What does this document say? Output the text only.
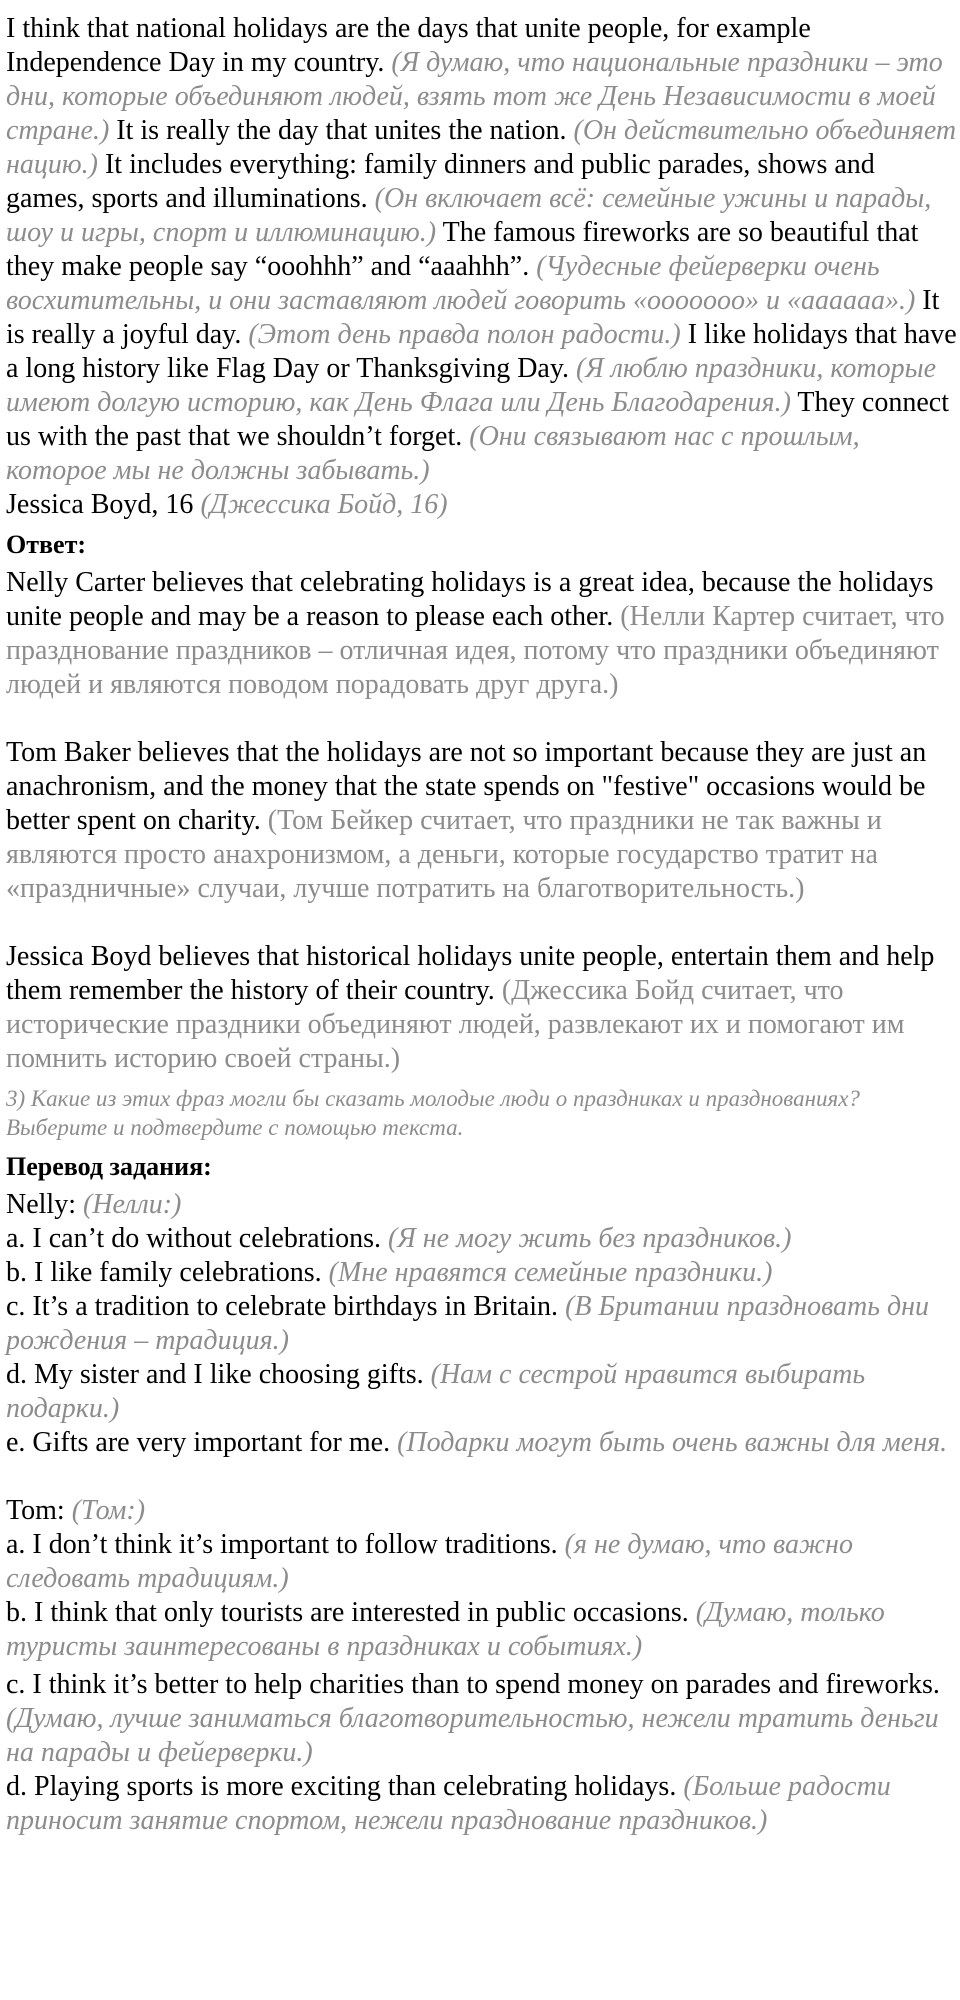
I think that national holidays are the days that unite people, for example Independence Day in my country. (Я думаю, что национальные праздники – это дни, которые объединяют людей, взять тот же День Независимости в моей стране.) It is really the day that unites the nation. (Он действительно объединяет нацию.) It includes everything: family dinners and public parades, shows and games, sports and illuminations. (Он включает всё: семейные ужины и парады, шоу и игры, спорт и иллюминацию.) The famous fireworks are so beautiful that they make people say “ooohhh” and “aaahhh”. (Чудесные фейерверки очень восхитительны, и они заставляют людей говорить «ооооооо» и «аааааа».) It is really a joyful day. (Этот день правда полон радости.) I like holidays that have a long history like Flag Day or Thanksgiving Day. (Я люблю праздники, которые имеют долгую историю, как День Флага или День Благодарения.) They connect us with the past that we shouldn’t forget. (Они связывают нас с прошлым, которое мы не должны забывать.)

Jessica Boyd, 16 (Джессика Бойд, 16)

Ответ:

Nelly Carter believes that celebrating holidays is a great idea, because the holidays unite people and may be a reason to please each other. (Нелли Картер считает, что празднование праздников – отличная идея, потому что праздники объединяют людей и являются поводом порадовать друг друга.)

Tom Baker believes that the holidays are not so important because they are just an anachronism, and the money that the state spends on "festive" occasions would be better spent on charity. (Том Бейкер считает, что праздники не так важны и являются просто анахронизмом, а деньги, которые государство тратит на «праздничные» случаи, лучше потратить на благотворительность.)

Jessica Boyd believes that historical holidays unite people, entertain them and help them remember the history of their country. (Джессика Бойд считает, что исторические праздники объединяют людей, развлекают их и помогают им помнить историю своей страны.)

3) Какие из этих фраз могли бы сказать молодые люди о праздниках и празднованиях? Выберите и подтвердите с помощью текста.

Перевод задания:

Nelly: (Нелли:)

a. I can’t do without celebrations. (Я не могу жить без праздников.)

b. I like family celebrations. (Мне нравятся семейные праздники.)

c. It’s a tradition to celebrate birthdays in Britain. (В Британии праздновать дни рождения – традиция.)

d. My sister and I like choosing gifts. (Нам с сестрой нравится выбирать подарки.)

e. Gifts are very important for me. (Подарки могут быть очень важны для меня.

Tom: (Том:)

a. I don’t think it’s important to follow traditions. (я не думаю, что важно следовать традициям.)

b. I think that only tourists are interested in public occasions. (Думаю, только туристы заинтересованы в праздниках и событиях.)

c. I think it’s better to help charities than to spend money on parades and fireworks. (Думаю, лучше заниматься благотворительностью, нежели тратить деньги на парады и фейерверки.)

d. Playing sports is more exciting than celebrating holidays. (Больше радости приносит занятие спортом, нежели празднование праздников.)
